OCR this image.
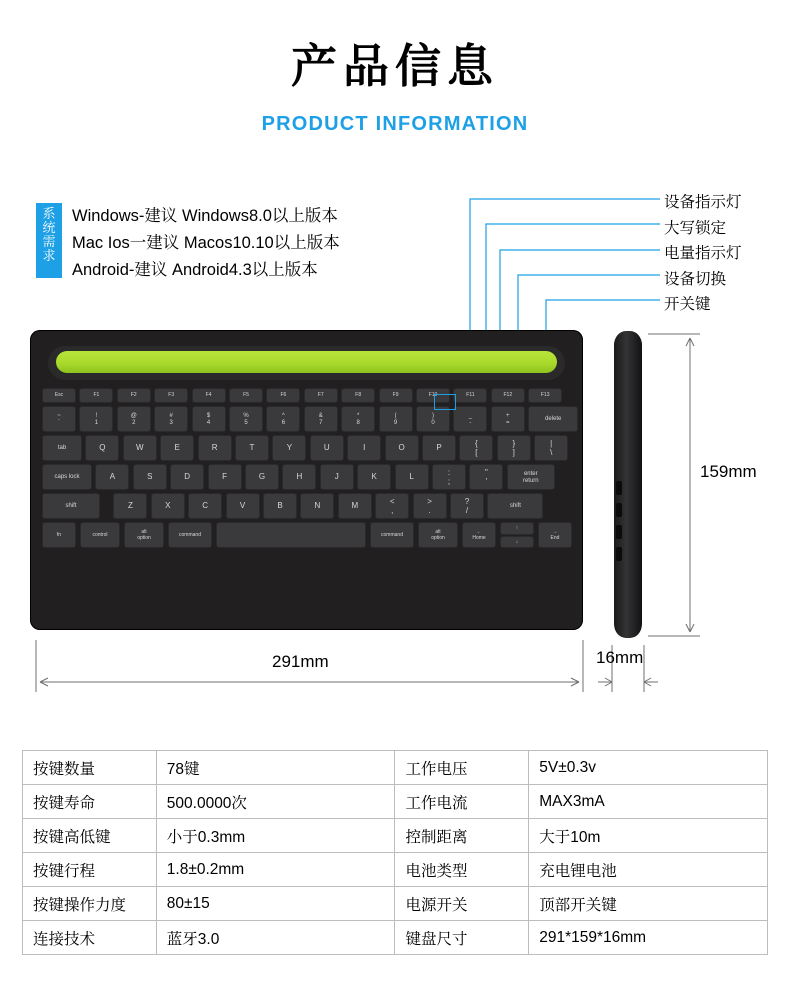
产品信息
PRODUCT INFORMATION
系
统
需
求
Windows-建议 Windows8.0以上版本
Mac Ios一建议 Macos10.10以上版本
Android-建议 Android4.3以上版本
设备指示灯
大写锁定
电量指示灯
设备切换
开关键
Esc	F1	F2	F3	F4	F5	F6	F7	F8	F9	F10	F11	F12	F13
~
`
!
1
@
2
#
3
$
4
%
5
^
6
&
7
*
8
(
9
)
0
_
-
+
=
delete
tab	Q	W	E	R	T	Y	U	I	O	P	{
[
}
]
|
\
caps lock	A	S	D	F	G	H	J	K	L	:
;
"
'
enter
return
shift	Z	X	C	V	B	N	M	<
,
>
.
?
/	shift
fn	control	alt
option	command	command	alt
option
←
Home
↑
→
End
↓
291mm	16mm
159mm
按键数量	78键	工作电压	5V±0.3v
按键寿命	500.0000次	工作电流	MAX3mA
按键高低键	小于0.3mm	控制距离	大于10m
按键行程	1.8±0.2mm	电池类型	充电锂电池
按键操作力度	80±15	电源开关	顶部开关键
连接技术	蓝牙3.0	键盘尺寸	291*159*16mm
